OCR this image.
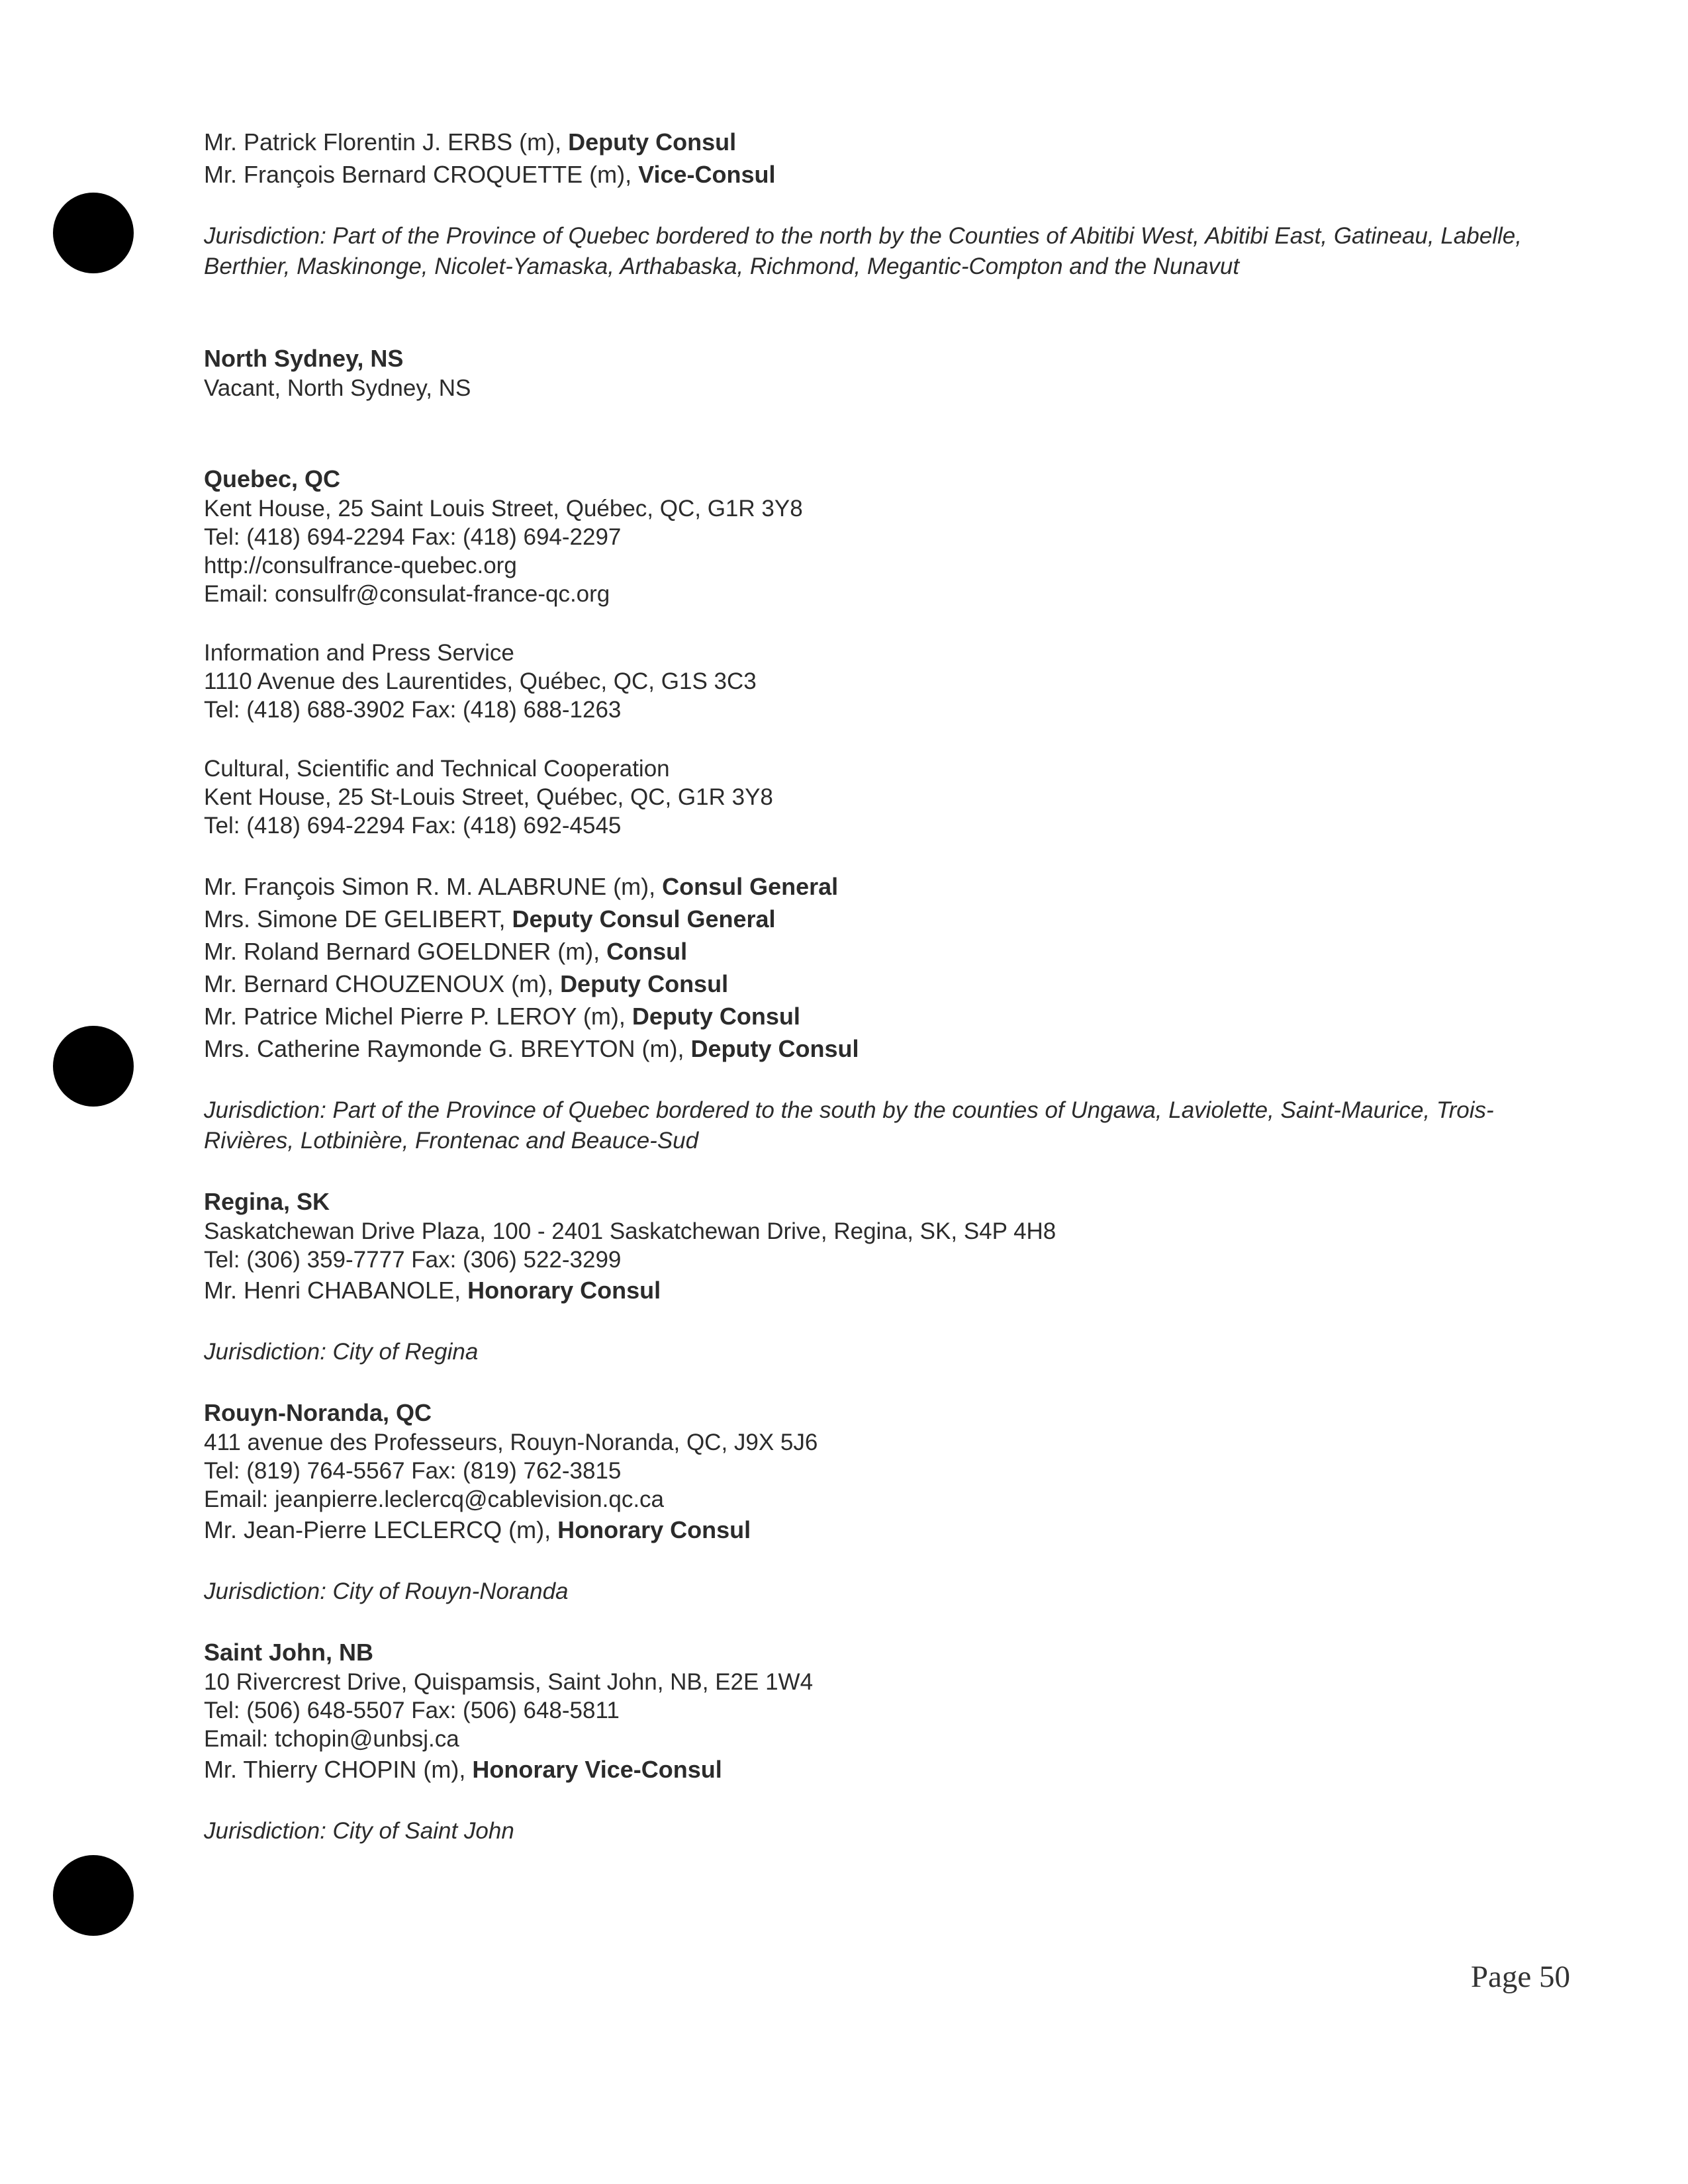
Mr. Patrick Florentin J. ERBS (m), Deputy Consul
Mr. François Bernard CROQUETTE (m), Vice-Consul
Jurisdiction: Part of the Province of Quebec bordered to the north by the Counties of Abitibi West, Abitibi East, Gatineau, Labelle, Berthier, Maskinonge, Nicolet-Yamaska, Arthabaska, Richmond, Megantic-Compton and the Nunavut
North Sydney, NS
Vacant, North Sydney, NS
Quebec, QC
Kent House, 25 Saint Louis Street, Québec, QC, G1R 3Y8
Tel: (418) 694-2294 Fax: (418) 694-2297
http://consulfrance-quebec.org
Email: consulfr@consulat-france-qc.org
Information and Press Service
1110 Avenue des Laurentides, Québec, QC, G1S 3C3
Tel: (418) 688-3902 Fax: (418) 688-1263
Cultural, Scientific and Technical Cooperation
Kent House, 25 St-Louis Street, Québec, QC, G1R 3Y8
Tel: (418) 694-2294 Fax: (418) 692-4545
Mr. François Simon R. M. ALABRUNE (m), Consul General
Mrs. Simone DE GELIBERT, Deputy Consul General
Mr. Roland Bernard GOELDNER (m), Consul
Mr. Bernard CHOUZENOUX (m), Deputy Consul
Mr. Patrice Michel Pierre P. LEROY (m), Deputy Consul
Mrs. Catherine Raymonde G. BREYTON (m), Deputy Consul
Jurisdiction: Part of the Province of Quebec bordered to the south by the counties of Ungawa, Laviolette, Saint-Maurice, Trois-Rivières, Lotbinière, Frontenac and Beauce-Sud
Regina, SK
Saskatchewan Drive Plaza, 100 - 2401 Saskatchewan Drive, Regina, SK, S4P 4H8
Tel: (306) 359-7777 Fax: (306) 522-3299
Mr. Henri CHABANOLE, Honorary Consul
Jurisdiction: City of Regina
Rouyn-Noranda, QC
411 avenue des Professeurs, Rouyn-Noranda, QC, J9X 5J6
Tel: (819) 764-5567 Fax: (819) 762-3815
Email: jeanpierre.leclercq@cablevision.qc.ca
Mr. Jean-Pierre LECLERCQ (m), Honorary Consul
Jurisdiction: City of Rouyn-Noranda
Saint John, NB
10 Rivercrest Drive, Quispamsis, Saint John, NB, E2E 1W4
Tel: (506) 648-5507 Fax: (506) 648-5811
Email: tchopin@unbsj.ca
Mr. Thierry CHOPIN (m), Honorary Vice-Consul
Jurisdiction: City of Saint John
Page 50
